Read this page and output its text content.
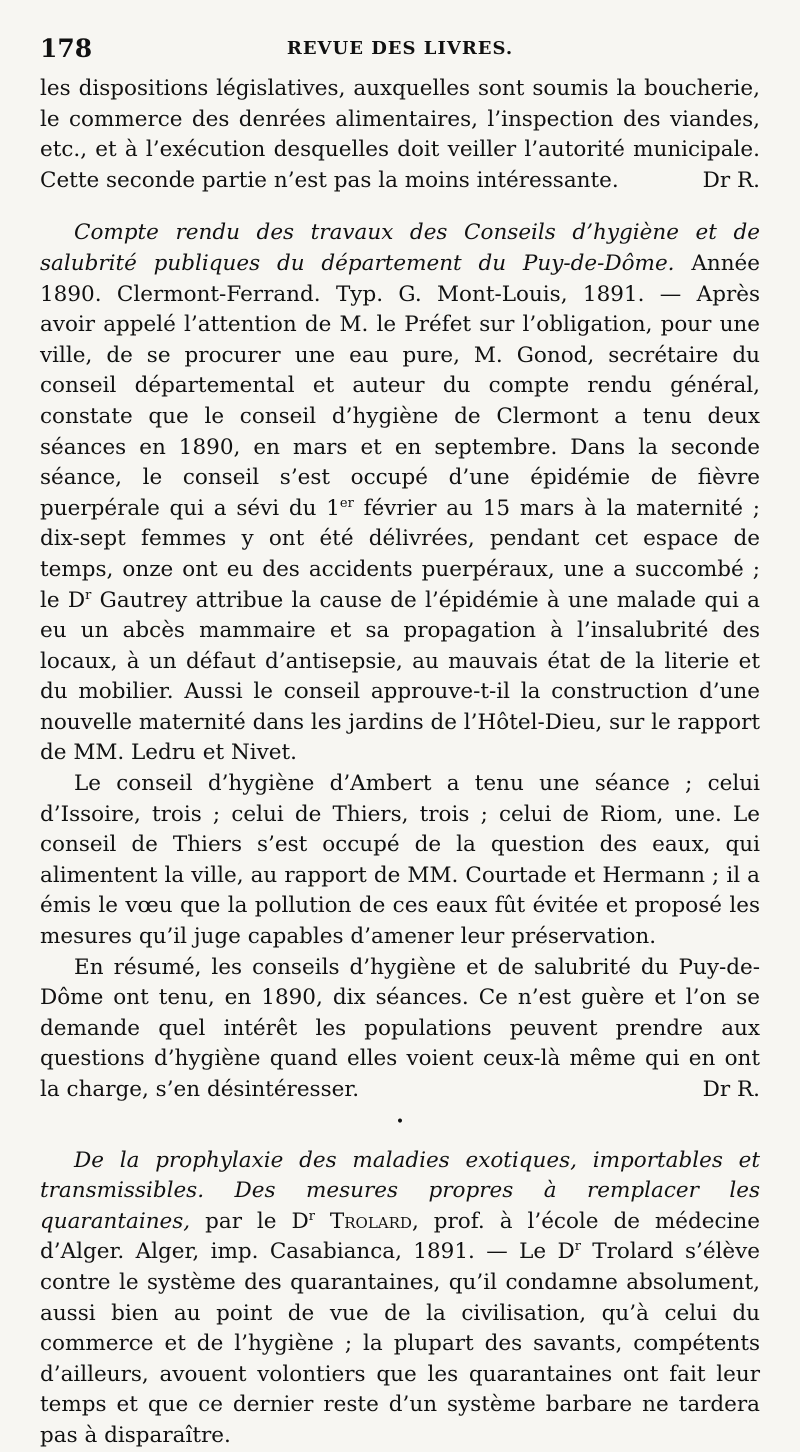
178	REVUE DES LIVRES.

les dispositions législatives, auxquelles sont soumis la boucherie, le commerce des denrées alimentaires, l’inspection des viandes, etc., et à l’exécution desquelles doit veiller l’autorité municipale. Cette seconde partie n’est pas la moins intéressante.	Dr R.

Compte rendu des travaux des Conseils d’hygiène et de salubrité publiques du département du Puy-de-Dôme. Année 1890. Clermont-Ferrand. Typ. G. Mont-Louis, 1891. — Après avoir appelé l’attention de M. le Préfet sur l’obligation, pour une ville, de se procurer une eau pure, M. Gonod, secrétaire du conseil départemental et auteur du compte rendu général, constate que le conseil d’hygiène de Clermont a tenu deux séances en 1890, en mars et en septembre. Dans la seconde séance, le conseil s’est occupé d’une épidémie de fièvre puerpérale qui a sévi du 1er février au 15 mars à la maternité ; dix-sept femmes y ont été délivrées, pendant cet espace de temps, onze ont eu des accidents puerpéraux, une a succombé ; le $D^r$ Gautrey attribue la cause de l’épidémie à une malade qui a eu un abcès mammaire et sa propagation à l’insalubrité des locaux, à un défaut d’antisepsie, au mauvais état de la literie et du mobilier. Aussi le conseil approuve-t-il la construction d’une nouvelle maternité dans les jardins de l’Hôtel-Dieu, sur le rapport de MM. Ledru et Nivet.

Le conseil d’hygiène d’Ambert a tenu une séance ; celui d’Issoire, trois ; celui de Thiers, trois ; celui de Riom, une. Le conseil de Thiers s’est occupé de la question des eaux, qui alimentent la ville, au rapport de MM. Courtade et Hermann ; il a émis le vœu que la pollution de ces eaux fût évitée et proposé les mesures qu’il juge capables d’amener leur préservation.

En résumé, les conseils d’hygiène et de salubrité du Puy-de-Dôme ont tenu, en 1890, dix séances. Ce n’est guère et l’on se demande quel intérêt les populations peuvent prendre aux questions d’hygiène quand elles voient ceux-là même qui en ont la charge, s’en désintéresser.	Dr R.

•

De la prophylaxie des maladies exotiques, importables et transmissibles. Des mesures propres à remplacer les quarantaines, par le $D^r$ Trolard, prof. à l’école de médecine d’Alger. Alger, imp. Casabianca, 1891. — Le $D^r$ Trolard s’élève contre le système des quarantaines, qu’il condamne absolument, aussi bien au point de vue de la civilisation, qu’à celui du commerce et de l’hygiène ; la plupart des savants, compétents d’ailleurs, avouent volontiers que les quarantaines ont fait leur temps et que ce dernier reste d’un système barbare ne tardera pas à disparaître.
